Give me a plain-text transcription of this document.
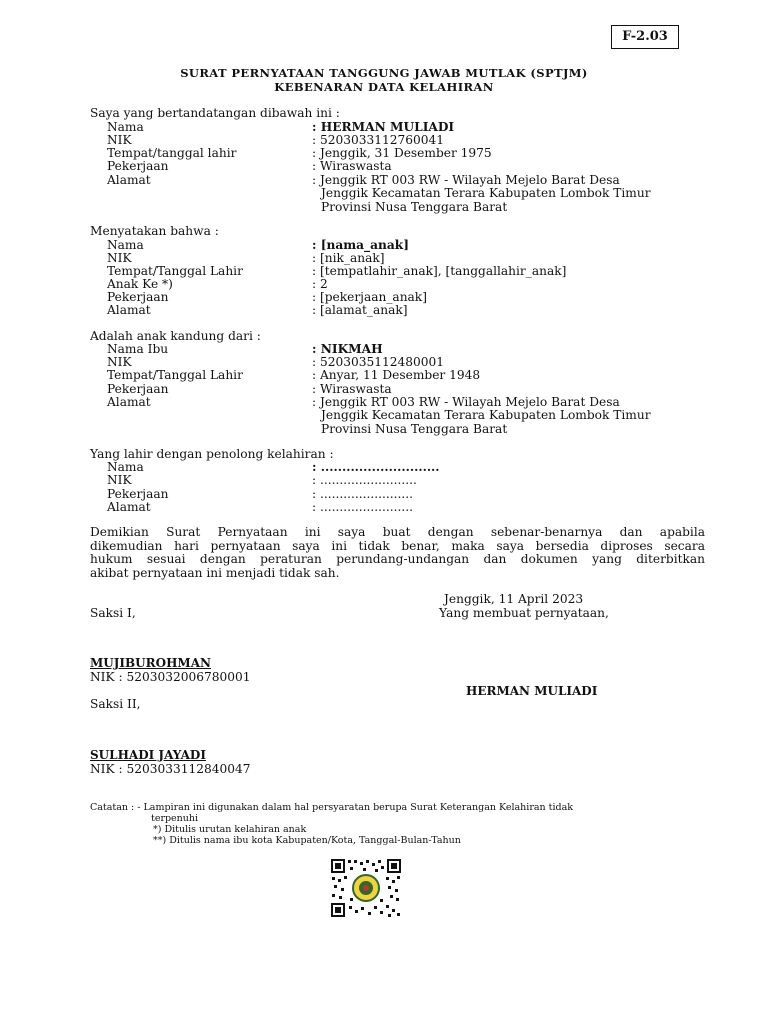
F-2.03
SURAT PERNYATAAN TANGGUNG JAWAB MUTLAK (SPTJM)
KEBENARAN DATA KELAHIRAN
Saya yang bertandatangan dibawah ini :
Nama	: HERMAN MULIADI
NIK	: 5203033112760041
Tempat/tanggal lahir	: Jenggik, 31 Desember 1975
Pekerjaan	: Wiraswasta
Alamat	: Jenggik RT 003 RW - Wilayah Mejelo Barat Desa
Jenggik Kecamatan Terara Kabupaten Lombok Timur
Provinsi Nusa Tenggara Barat
Menyatakan bahwa :
Nama	: [nama_anak]
NIK	: [nik_anak]
Tempat/Tanggal Lahir	: [tempatlahir_anak], [tanggallahir_anak]
Anak Ke *)	: 2
Pekerjaan	: [pekerjaan_anak]
Alamat	: [alamat_anak]
Adalah anak kandung dari :
Nama Ibu	: NIKMAH
NIK	: 5203035112480001
Tempat/Tanggal Lahir	: Anyar, 11 Desember 1948
Pekerjaan	: Wiraswasta
Alamat	: Jenggik RT 003 RW - Wilayah Mejelo Barat Desa
Jenggik Kecamatan Terara Kabupaten Lombok Timur
Provinsi Nusa Tenggara Barat
Yang lahir dengan penolong kelahiran :
Nama	: ............................
NIK	: .........................
Pekerjaan	: ........................
Alamat	: ........................
Demikian Surat Pernyataan ini saya buat dengan sebenar-benarnya dan apabila
dikemudian hari pernyataan saya ini tidak benar, maka saya bersedia diproses secara
hukum sesuai dengan peraturan perundang-undangan dan dokumen yang diterbitkan
akibat pernyataan ini menjadi tidak sah.
Jenggik, 11 April 2023
Saksi I,	Yang membuat pernyataan,
MUJIBUROHMAN
NIK : 5203032006780001
HERMAN MULIADI
Saksi II,
SULHADI JAYADI
NIK : 5203033112840047
Catatan : - Lampiran ini digunakan dalam hal persyaratan berupa Surat Keterangan Kelahiran tidak
terpenuhi
*) Ditulis urutan kelahiran anak
**) Ditulis nama ibu kota Kabupaten/Kota, Tanggal-Bulan-Tahun
